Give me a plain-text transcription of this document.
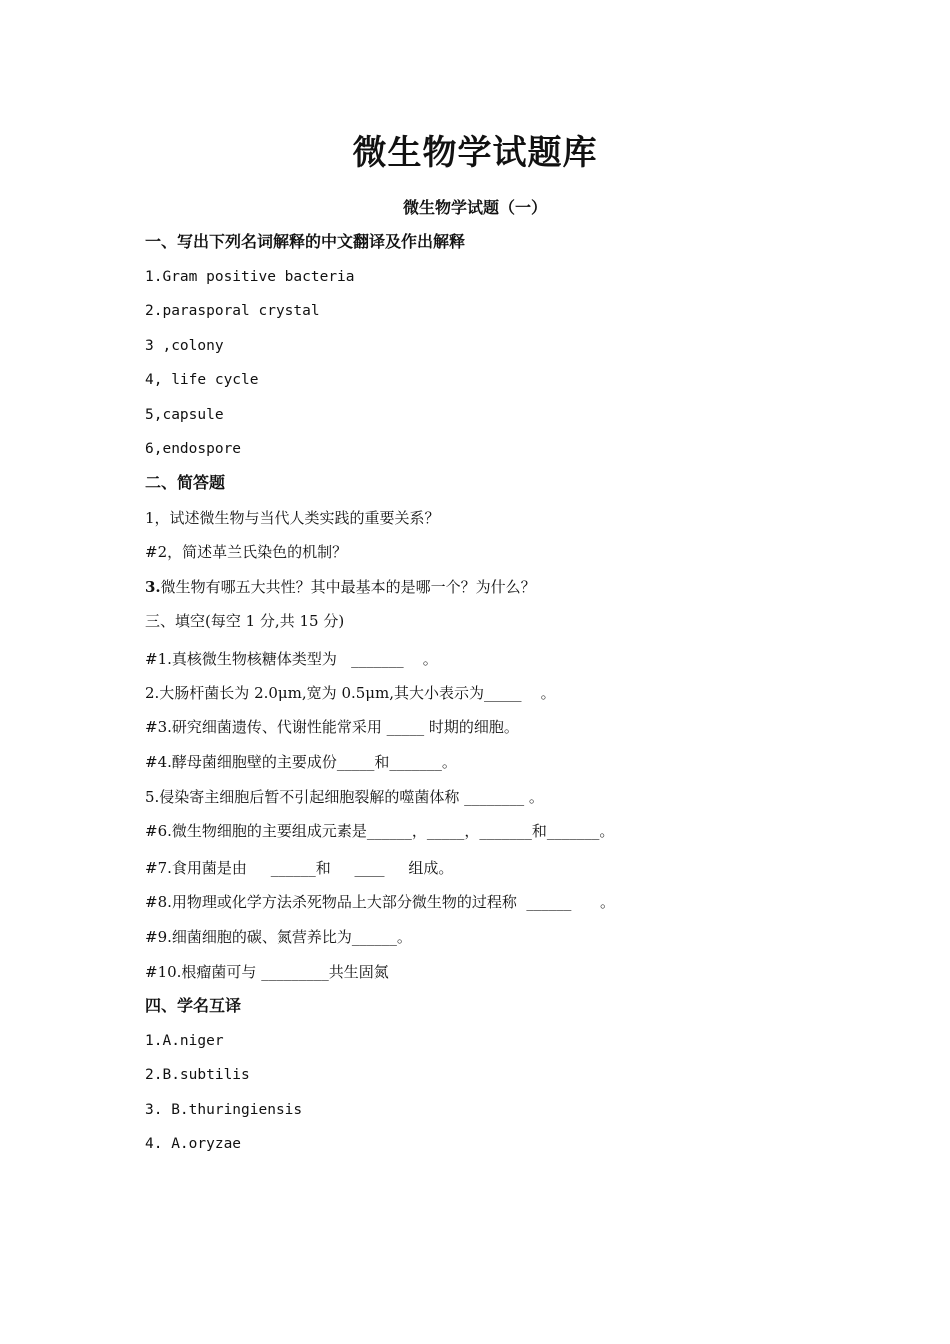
微生物学试题库
微生物学试题（一）
一、写出下列名词解释的中文翻译及作出解释
1.Gram positive bacteria
2.parasporal crystal
3 ,colony
4, life cycle
5,capsule
6,endospore
二、简答题
1，试述微生物与当代人类实践的重要关系？
#2，简述革兰氏染色的机制？
3.微生物有哪五大共性？其中最基本的是哪一个？为什么？
三、填空(每空 1 分,共 15 分)
#1.真核微生物核糖体类型为   _______    。
2.大肠杆菌长为 2.0μm,宽为 0.5μm,其大小表示为_____    。
#3.研究细菌遗传、代谢性能常采用 _____ 时期的细胞。
#4.酵母菌细胞壁的主要成份_____和_______。
5.侵染寄主细胞后暂不引起细胞裂解的噬菌体称 ________ 。
#6.微生物细胞的主要组成元素是______，_____，_______和_______。
#7.食用菌是由     ______和     ____     组成。
#8.用物理或化学方法杀死物品上大部分微生物的过程称  ______      。
#9.细菌细胞的碳、氮营养比为______。
#10.根瘤菌可与 _________共生固氮
四、学名互译
1.A.niger
2.B.subtilis
3. B.thuringiensis
4. A.oryzae
